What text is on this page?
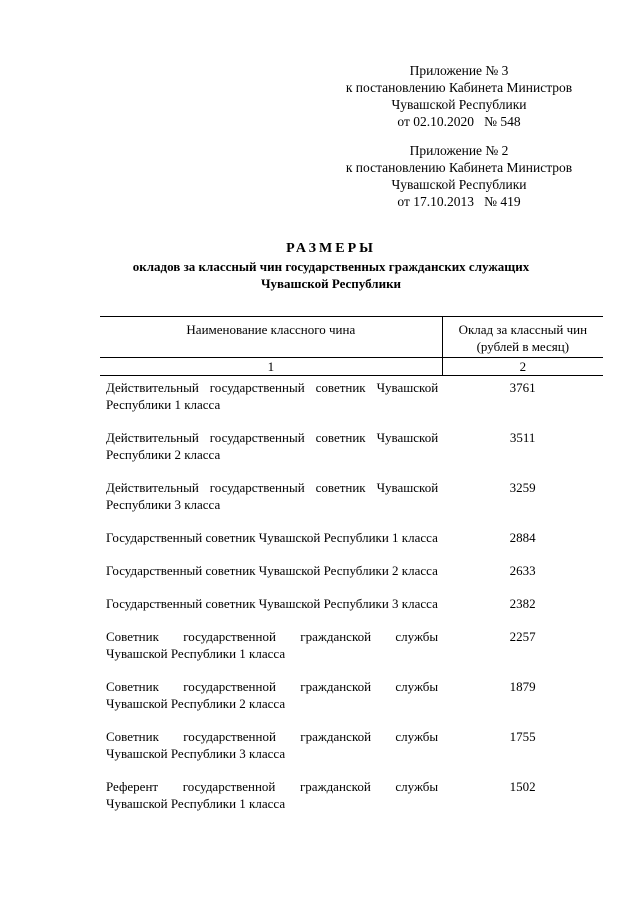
Приложение № 3
к постановлению Кабинета Министров
Чувашской Республики
от 02.10.2020   № 548
Приложение № 2
к постановлению Кабинета Министров
Чувашской Республики
от 17.10.2013   № 419
РАЗМЕРЫ
окладов за классный чин государственных гражданских служащих
Чувашской Республики
Наименование классного чина	Оклад за классный чин (рублей в месяц)
1	2
Действительный государственный советник Чувашской Республики 1 класса	3761
Действительный государственный советник Чувашской Республики 2 класса	3511
Действительный государственный советник Чувашской Республики 3 класса	3259
Государственный советник Чувашской Республики 1 класса	2884
Государственный советник Чувашской Республики 2 класса	2633
Государственный советник Чувашской Республики 3 класса	2382
Советник государственной гражданской службы Чувашской Республики 1 класса	2257
Советник государственной гражданской службы Чувашской Республики 2 класса	1879
Советник государственной гражданской службы Чувашской Республики 3 класса	1755
Референт государственной гражданской службы Чувашской Республики 1 класса	1502
